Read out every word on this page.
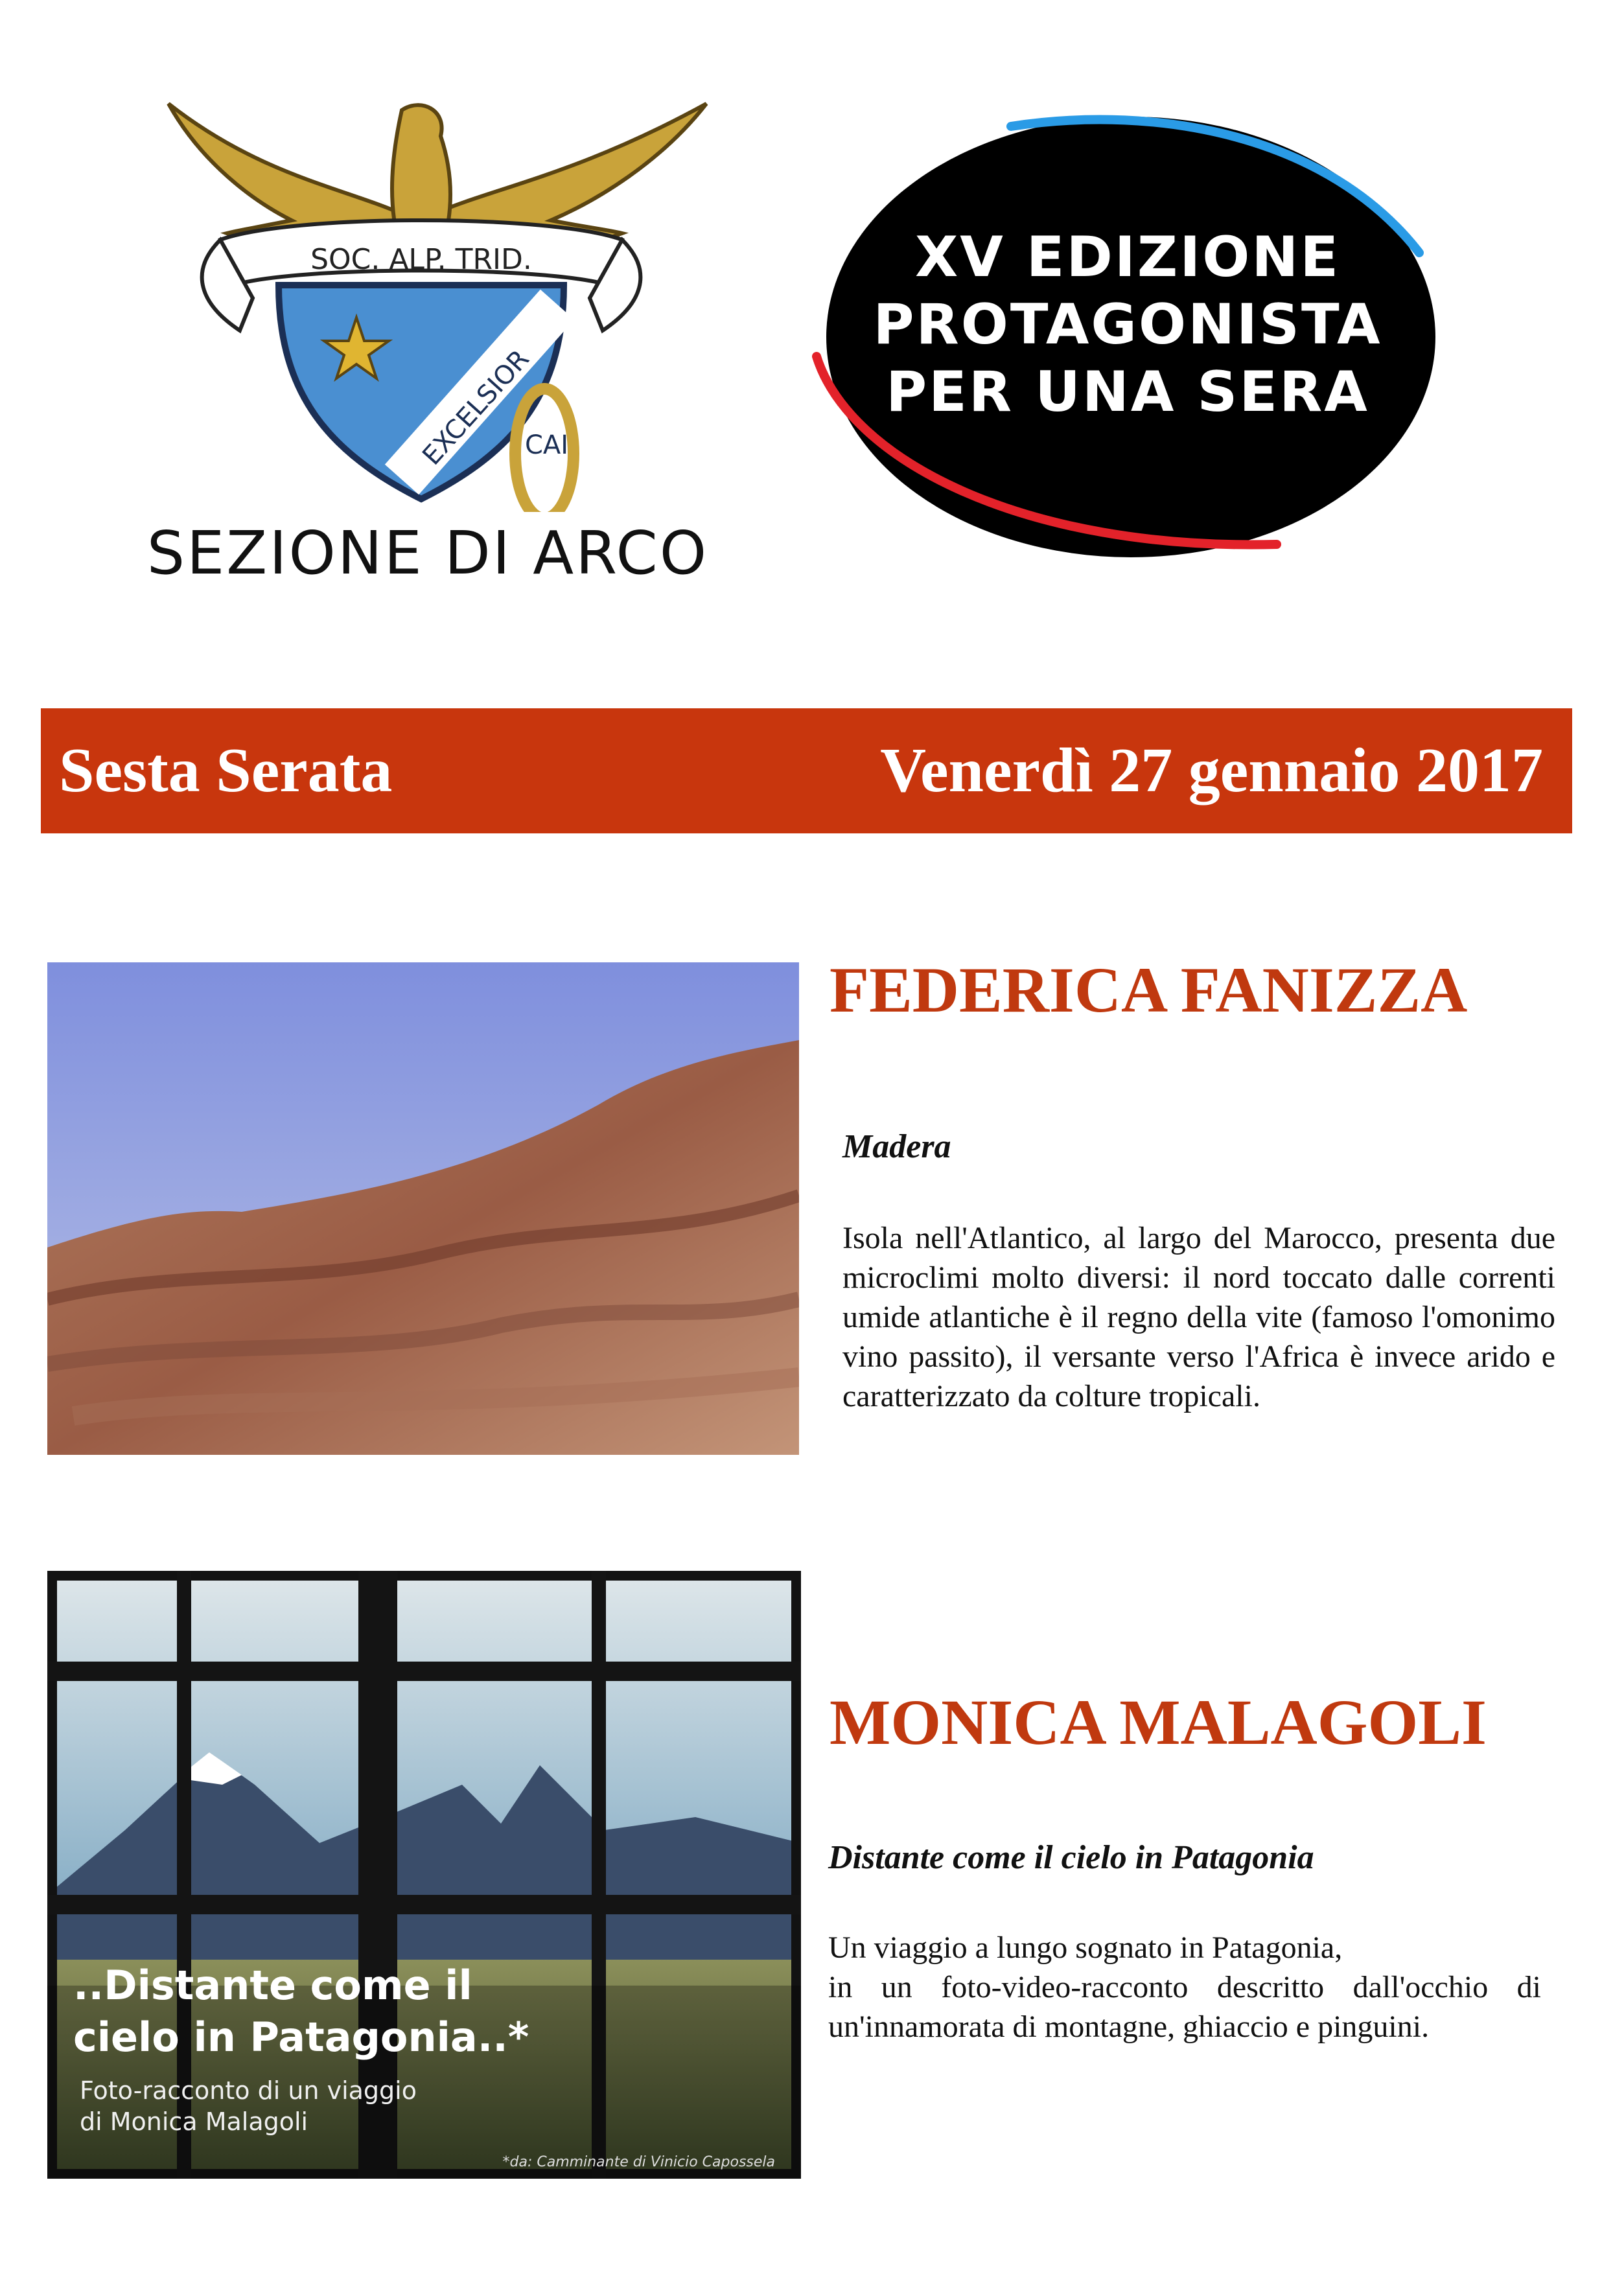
SOC. ALP. TRID.
EXCELSIOR
CAI
SEZIONE DI ARCO
XV EDIZIONE
PROTAGONISTA
PER UNA SERA
Sesta Serata	Venerdì 27 gennaio 2017
FEDERICA FANIZZA
Madera
Isola nell'Atlantico, al largo del Marocco, presenta due microclimi molto diversi: il nord toccato dalle correnti umide atlantiche è il regno della vite (famoso l'omonimo vino passito), il versante verso l'Africa è invece arido e caratterizzato da colture tropicali.
..Distante come il
cielo in Patagonia..*
Foto-racconto di un viaggio
di Monica Malagoli
*da: Camminante di Vinicio Capossela
MONICA MALAGOLI
Distante come il cielo in Patagonia
Un viaggio a lungo sognato in Patagonia,
in un foto-video-racconto descritto dall'occhio di un'innamorata di montagne, ghiaccio e pinguini.
